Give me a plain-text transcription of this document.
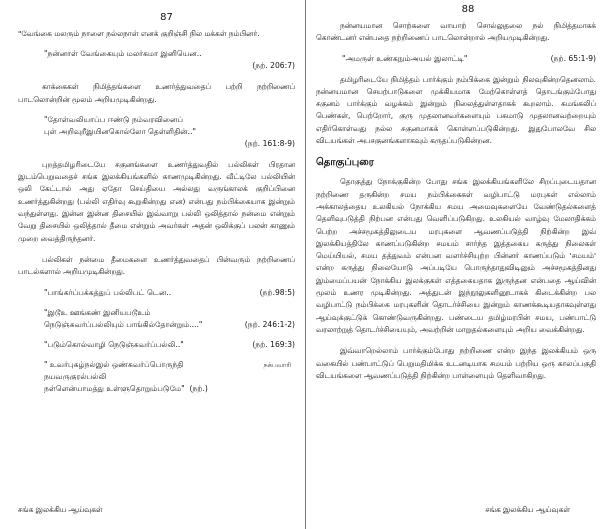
87

"வேங்கை மலரும் நாளை நல்லநாள் எனக் குறிஞ்சி நில மக்கள் நம்பினர்.

"நன்னாள் வேங்கையும் மலர்கமா இனியென..
(நற். 206:7)

காக்கைகள் நிமித்தங்களை உணர்த்துவதைப் பற்றி நற்றிணைப் பாடலொன்றின் மூலம் அறியமுடிகின்றது.

"தோள்வலியாப்ப ஈண்டு நம்வரவினைப்
புள் அறிவுறீஇயினகொல்லோ தெள்ளிதின்.."
(நற். 161:8-9)

புறத்தமிழரிடையே சகுனங்களை உணர்த்துவதில் பல்லிகள் பிரதான இடம்பெறுவதைச் சங்க இலக்கியங்களில் காணமுடிகின்றது. வீட்டிலே பல்லியின் ஒலி கேட்டால் அது ஏதோ செய்தியை அல்லது வருங்காலக் குறிப்பினை உணர்த்துகின்றது (பல்லி எதிர்வு கூறுகின்றது என) என்பது நம்பிக்கையாக இன்றும் வந்துள்ளது. இன்ன இன்ன திசையில் இவ்வாறு பல்லி ஒலித்தால் நன்மை என்றும் வேறு திசையில் ஒலித்தால் தீமை என்றும் அவர்கள் அதன் ஒலிக்குப் பலன் காணும் முறை வைத்திருந்தனர்.

பல்லிகள் நன்மை தீமைகளை உணர்த்துவதைப் பின்வரும் நற்றிணைப் பாடல்களால் அறியமுடிகின்றது.

"பாங்கர்ப்பக்கத்துப் பல்லிபட் டென..	(நற்.98:5)
"இடூஉ ஊங்கண் இனியபடூஉம்
நெடுஞ்சுவர்ப்பல்லியும் பாங்கில்தோன்றும்...."	(நற். 246:1-2)
"படும்கொல்வாழி நெடுஞ்சுவர்ப்பல்லி.."	(நற். 169:3)
" உவர்புகழ்நல்இல் ஒண்சுவர்ப்பொருந்தி	நக்பவாரி
நயவருகுரல்பல்லி
நள்ளென்யாமத்து உள்ளுதொறும்படுமே" (நற்.)
சங்க இலக்கிய ஆய்வுகள்
88

நன்னயமான சொற்களை வாயாற் சொல்லுதலை நல் நிமித்தமாகக் கொண்டனர் என்பதை நற்றிணைப் பாடலொன்றால் அறியமுடிகின்றது.

"அமருள் உண்கநும்அயல் இலாட்டி"	(நற். 65:1-9)

தமிழரிடையே நிமித்தம் பார்க்கும் நம்பிக்கை இன்றும் நிலவுகின்றதெனலாம். நன்னயமான செயற்பாடுகளை முக்கியமாக மேற்கொள்ளத் தொடங்கும்போது சகுனம் பார்க்கும் வழக்கம் இன்றும் நிலைத்துள்ளதாகக் கூறலாம். சுமங்கலிப் பெண்கள், பெற்றோர், குரு முதலானவர்களையும் பசுமாடு முதலானவற்றையும் எதிர்கொள்வது நல்ல சகுனமாகக் கொள்ளப்படுகின்றது. இதுபோலவே சில விடயங்கள் அபசகுனங்களாகவும் கருதப்படுகின்றன.

தொகுப்புரை

தொகுத்து நோக்குகின்ற போது சங்க இலக்கியங்களிலே சிறப்புடையதான நற்றிணை தருகின்ற சமய நம்பிக்கைகள் வழிபாட்டு மரபுகள் எல்லாம் அக்காலத்தைய உலகியல் நோக்கிய சமய அமைவுகளையே வேண்டுதல்களைத் தெளிவுபடுத்தி நிற்பன என்பது வெளிப்படுகிறது. உலகியல் வாழ்வு மேலாதிக்கம் பெற்ற அச்சமூகத்திலுடைய மரபுகளை ஆவணப்படுத்தி நிற்கின்ற இவ் இலக்கியத்திலே காணப்படுகின்ற சமயம் சார்ந்த இத்தகைய கருத்து நிலைகள் மெய்யியல், சமய தத்துவம் என்பன வளர்ச்சியுற்ற பின்னர் காணப்படும் 'சமயம்' என்ற கருத்து நிலையோடு அப்படியே பொருந்தாதுவிடினும் அச்சமூகத்தினது இம்மைப்பயன் நோக்கிய இலக்குகள் எத்தகையதாக இருந்தன என்பதை ஆய்வின் மூலம் உணர முடிகின்றது. அத்துடன் இந்நூலுகளினூடாகக் கிடைக்கின்ற பல வழிபாட்டு நம்பிக்கை மரபுகளின் தொடர்ச்சியை இன்றும் காணக்கூடியதாகவுள்ளது ஆய்வுக்குட்டுக் கொண்டுவருகின்றது. பண்டைய தமிழ்மரபின் சமய, பண்பாட்டு வரலாற்றுத் தொடர்ச்சியையும், அவற்றின் மாறுதல்களையும் அறிய வைக்கின்றது.

இவ்வாறெல்லாம் பார்க்கும்போது நற்றிணை என்ற இந்த இலக்கியம் ஒரு வகையில் பண்பாட்டுப் பெறுமதிமிக்க உடனடியாக சமயம் பற்றிய ஒரு காலப்பகுதி விடயங்களை ஆவணப்படுத்தி நிற்கின்ற பாள்ளையும் தெளிவாகிறது.

சங்க இலக்கிய ஆய்வுகள்
